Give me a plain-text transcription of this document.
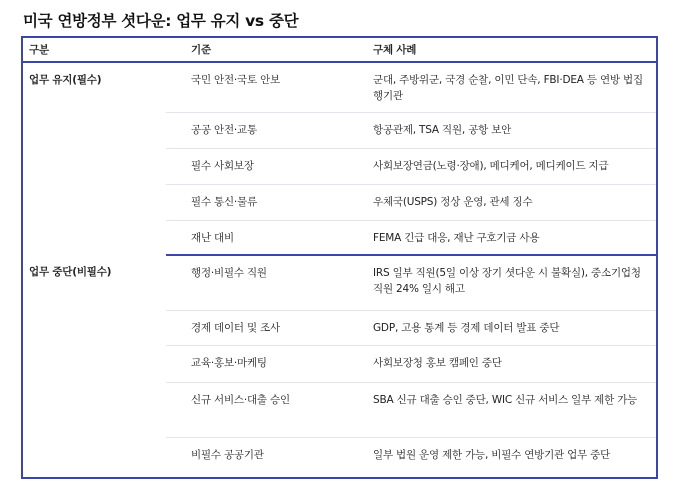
미국 연방정부 셧다운: 업무 유지 vs 중단
구분	기준	구체 사례
업무 유지(필수)	국민 안전·국토 안보	군대, 주방위군, 국경 순찰, 이민 단속, FBI·DEA 등 연방 법집행기관
	공공 안전·교통	항공관제, TSA 직원, 공항 보안
	필수 사회보장	사회보장연금(노령·장애), 메디케어, 메디케이드 지급
	필수 통신·물류	우체국(USPS) 정상 운영, 관세 징수
	재난 대비	FEMA 긴급 대응, 재난 구호기금 사용
업무 중단(비필수)	행정·비필수 직원	IRS 일부 직원(5일 이상 장기 셧다운 시 불확실), 중소기업청 직원 24% 일시 해고
	경제 데이터 및 조사	GDP, 고용 통계 등 경제 데이터 발표 중단
	교육·홍보·마케팅	사회보장청 홍보 캠페인 중단
	신규 서비스·대출 승인	SBA 신규 대출 승인 중단, WIC 신규 서비스 일부 제한 가능
	비필수 공공기관	일부 법원 운영 제한 가능, 비필수 연방기관 업무 중단
